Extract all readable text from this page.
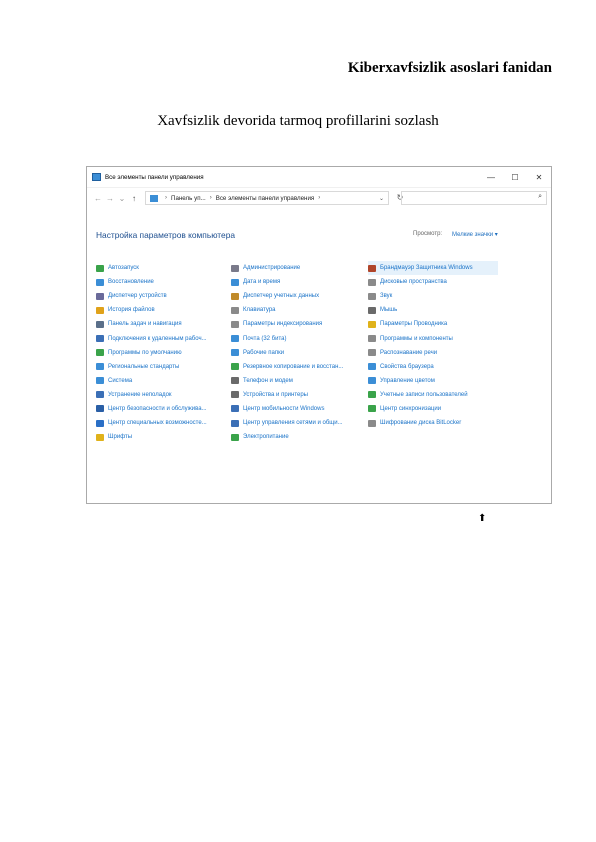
Kiberxavfsizlik asoslari fanidan
Xavfsizlik devorida tarmoq profillarini sozlash
Все элементы панели управления	—	☐	✕
← → ⌄ ↑	› Панель уп... › Все элементы панели управления ›	⌄	↻	⌕
Настройка параметров компьютера	Просмотр: Мелкие значки ▾
Автозапуск
Восстановление
Диспетчер устройств
История файлов
Панель задач и навигация
Подключения к удаленным рабоч...
Программы по умолчанию
Региональные стандарты
Система
Устранение неполадок
Центр безопасности и обслужива...
Центр специальных возможносте...
Шрифты
Администрирование
Дата и время
Диспетчер учетных данных
Клавиатура
Параметры индексирования
Почта (32 бита)
Рабочие папки
Резервное копирование и восстан...
Телефон и модем
Устройства и принтеры
Центр мобильности Windows
Центр управления сетями и общи...
Электропитание
Брандмауэр Защитника Windows
Дисковые пространства
Звук
Мышь
Параметры Проводника
Программы и компоненты
Распознавание речи
Свойства браузера
Управление цветом
Учетные записи пользователей
Центр синхронизации
Шифрование диска BitLocker
⬆
